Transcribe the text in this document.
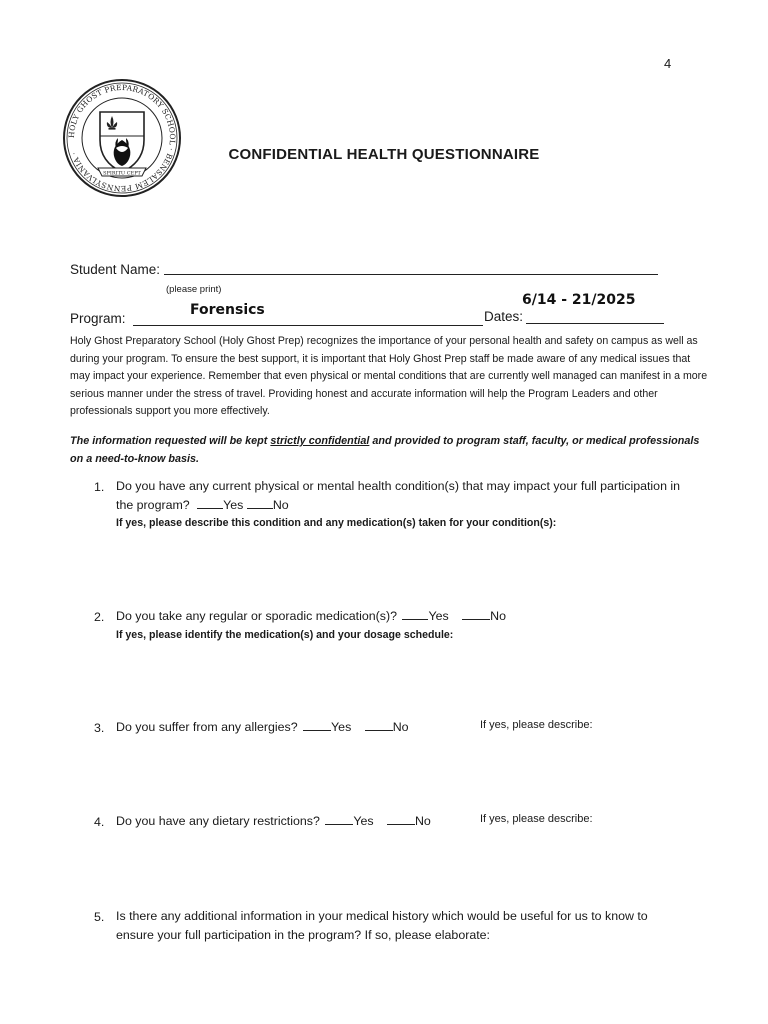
4
HOLY GHOST PREPARATORY SCHOOL · BENSALEM PENNSYLVANIA ·
SPIRITU CEPT
CONFIDENTIAL HEALTH QUESTIONNAIRE
Student Name:
(please print)
Program:
Forensics	Dates:
6/14 - 21/2025
Holy Ghost Preparatory School (Holy Ghost Prep) recognizes the importance of your personal health and safety on campus as well as during your program. To ensure the best support, it is important that Holy Ghost Prep staff be made aware of any medical issues that may impact your experience. Remember that even physical or mental conditions that are currently well managed can manifest in a more serious manner under the stress of travel. Providing honest and accurate information will help the Program Leaders and other professionals support you more effectively.
The information requested will be kept strictly confidential and provided to program staff, faculty, or medical professionals on a need-to-know basis.
1. Do you have any current physical or mental health condition(s) that may impact your full participation in
the program?	Yes No
If yes, please describe this condition and any medication(s) taken for your condition(s):
2. Do you take any regular or sporadic medication(s)?	Yes	No
If yes, please identify the medication(s) and your dosage schedule:
3. Do you suffer from any allergies?	Yes	No	If yes, please describe:
4. Do you have any dietary restrictions?	Yes	No	If yes, please describe:
5. Is there any additional information in your medical history which would be useful for us to know to
ensure your full participation in the program? If so, please elaborate:
